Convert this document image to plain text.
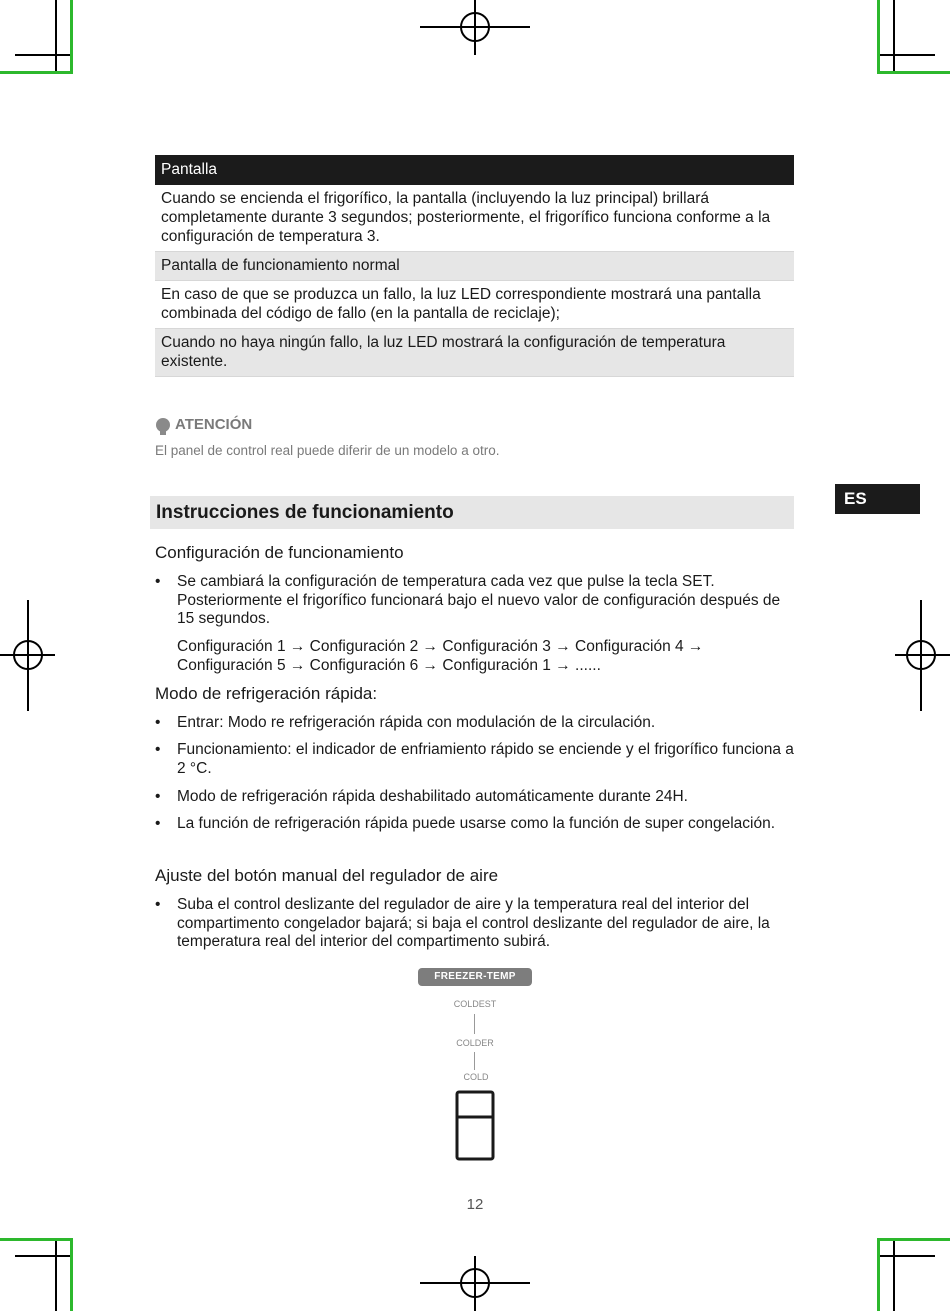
Pantalla
Cuando se encienda el frigorífico, la pantalla (incluyendo la luz principal) brillará completamente durante 3 segundos; posteriormente, el frigorífico funciona conforme a la configuración de temperatura 3.
Pantalla de funcionamiento normal
En caso de que se produzca un fallo, la luz LED correspondiente mostrará una pantalla combinada del código de fallo (en la pantalla de reciclaje);
Cuando no haya ningún fallo, la luz LED mostrará la configuración de temperatura existente.
ATENCIÓN
El panel de control real puede diferir de un modelo a otro.
Instrucciones de funcionamiento
ES
Configuración de funcionamiento
• Se cambiará la configuración de temperatura cada vez que pulse la tecla SET. Posteriormente el frigorífico funcionará bajo el nuevo valor de configuración después de 15 segundos.
Configuración 1 → Configuración 2 → Configuración 3 → Configuración 4 → Configuración 5 → Configuración 6 → Configuración 1 → ......
Modo de refrigeración rápida:
• Entrar: Modo re refrigeración rápida con modulación de la circulación.
• Funcionamiento: el indicador de enfriamiento rápido se enciende y el frigorífico funciona a 2 °C.
• Modo de refrigeración rápida deshabilitado automáticamente durante 24H.
• La función de refrigeración rápida puede usarse como la función de super congelación.
Ajuste del botón manual del regulador de aire
• Suba el control deslizante del regulador de aire y la temperatura real del interior del compartimento congelador bajará; si baja el control deslizante del regulador de aire, la temperatura real del interior del compartimento subirá.
FREEZER-TEMP
COLDEST
COLDER
COLD
12
